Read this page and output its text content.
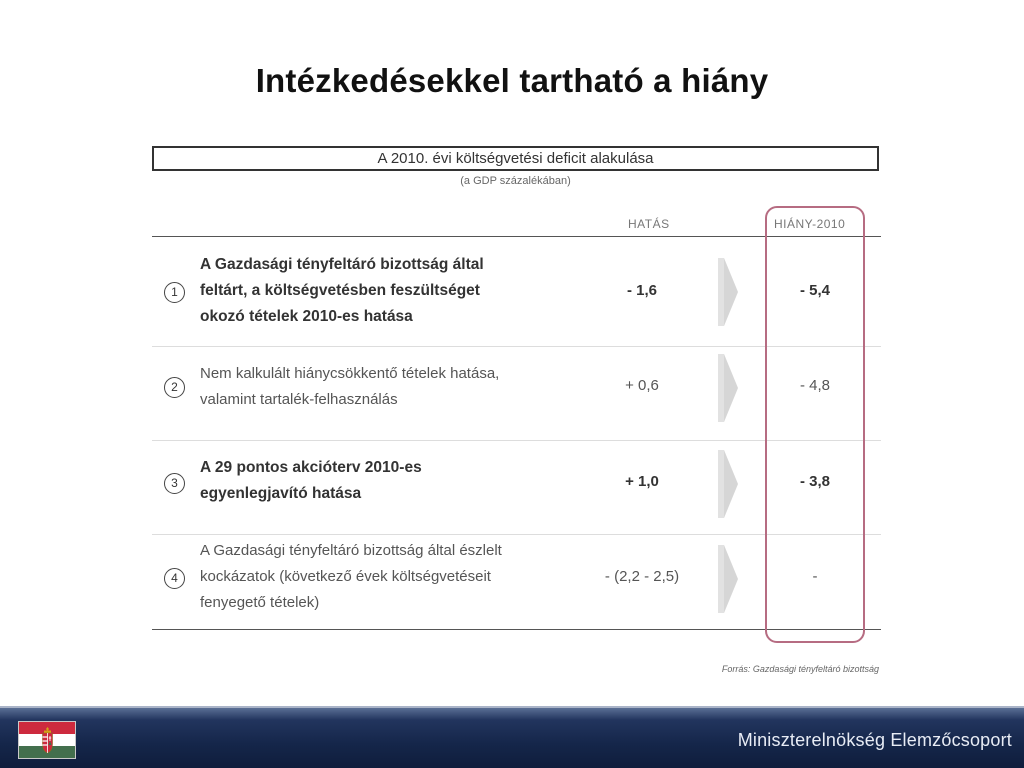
Intézkedésekkel tartható a hiány
A 2010. évi költségvetési deficit alakulása
(a GDP százalékában)
HATÁS	HIÁNY-2010
1
A Gazdasági tényfeltáró bizottság által
feltárt, a költségvetésben feszültséget
okozó tételek 2010-es hatása
- 1,6	- 5,4
2
Nem kalkulált hiánycsökkentő tételek hatása,
valamint tartalék-felhasználás
+ 0,6	- 4,8
3
A 29 pontos akcióterv 2010-es
egyenlegjavító hatása
+ 1,0	- 3,8
4
A Gazdasági tényfeltáró bizottság által észlelt
kockázatok (következő évek költségvetéseit
fenyegető tételek)
- (2,2 - 2,5)	-
Forrás: Gazdasági tényfeltáró bizottság
Miniszterelnökség Elemzőcsoport
